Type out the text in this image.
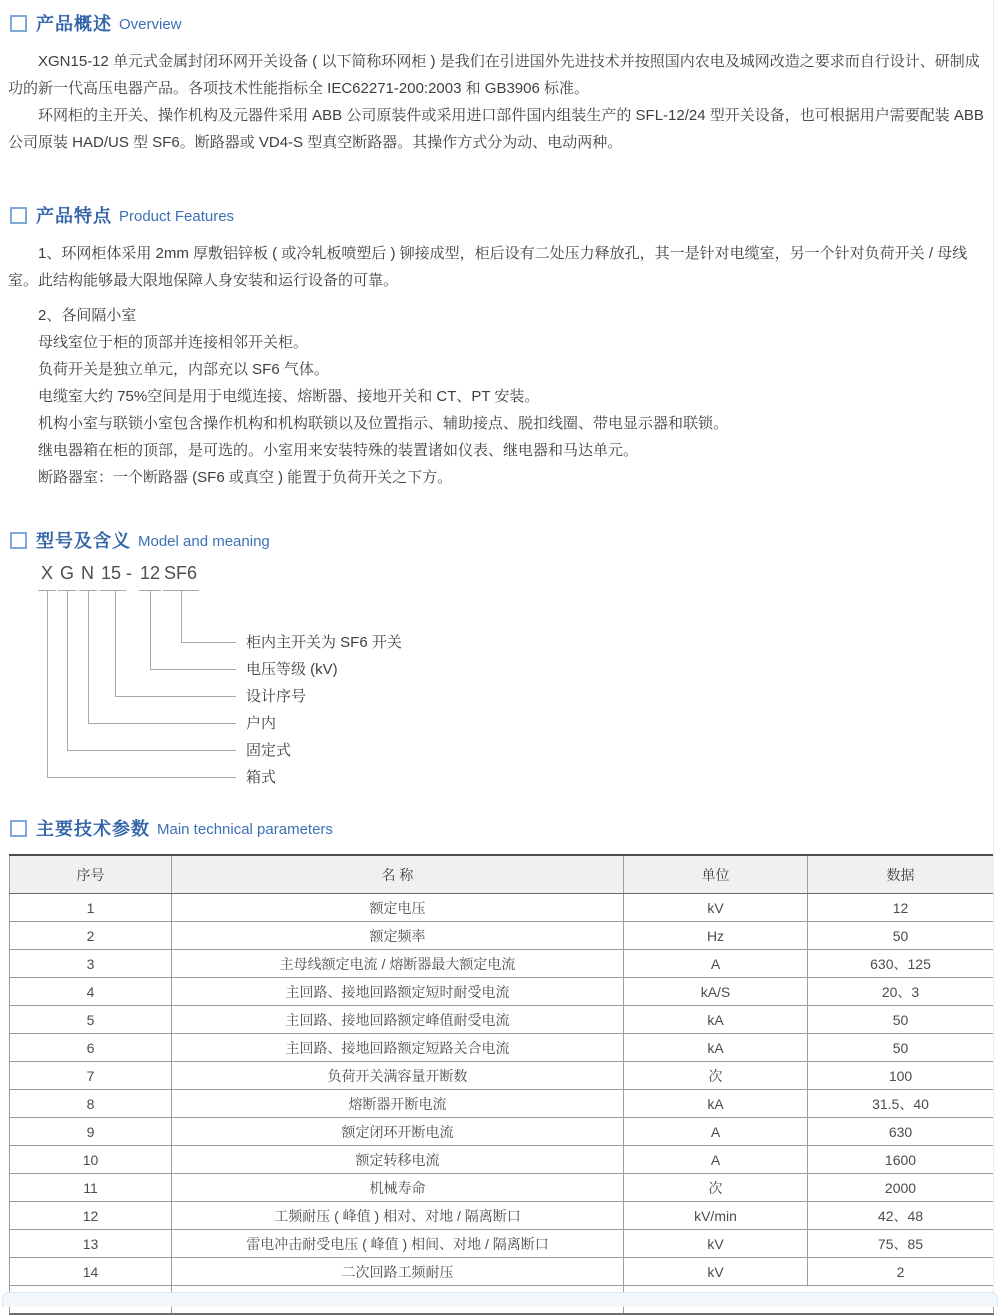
产品概述 Overview

XGN15-12 单元式金属封闭环网开关设备 ( 以下简称环网柜 ) 是我们在引进国外先进技术并按照国内农电及城网改造之要求而自行设计、研制成功的新一代高压电器产品。各项技术性能指标全 IEC62271-200:2003 和 GB3906 标准。

环网柜的主开关、操作机构及元器件采用 ABB 公司原装件或采用进口部件国内组装生产的 SFL-12/24 型开关设备，也可根据用户需要配装 ABB 公司原装 HAD/US 型 SF6。断路器或 VD4-S 型真空断路器。其操作方式分为动、电动两种。

产品特点 Product Features

1、环网柜体采用 2mm 厚敷铝锌板 ( 或冷轧板喷塑后 ) 铆接成型，柜后设有二处压力释放孔，其一是针对电缆室，另一个针对负荷开关 / 母线室。此结构能够最大限地保障人身安装和运行设备的可靠。

2、各间隔小室

母线室位于柜的顶部并连接相邻开关柜。

负荷开关是独立单元，内部充以 SF6 气体。

电缆室大约 75%空间是用于电缆连接、熔断器、接地开关和 CT、PT 安装。

机构小室与联锁小室包含操作机构和机构联锁以及位置指示、辅助接点、脱扣线圈、带电显示器和联锁。

继电器箱在柜的顶部，是可选的。小室用来安装特殊的装置诸如仪表、继电器和马达单元。

断路器室：一个断路器 (SF6 或真空 ) 能置于负荷开关之下方。

型号及含义 Model and meaning
X G N 15 - 12 SF6
柜内主开关为 SF6 开关
电压等级 (kV)
设计序号
户内
固定式
箱式
主要技术参数 Main technical parameters
序号	名 称	单位	数据
1	额定电压	kV	12
2	额定频率	Hz	50
3	主母线额定电流 / 熔断器最大额定电流	A	630、125
4	主回路、接地回路额定短时耐受电流	kA/S	20、3
5	主回路、接地回路额定峰值耐受电流	kA	50
6	主回路、接地回路额定短路关合电流	kA	50
7	负荷开关满容量开断数	次	100
8	熔断器开断电流	kA	31.5、40
9	额定闭环开断电流	A	630
10	额定转移电流	A	1600
11	机械寿命	次	2000
12	工频耐压 ( 峰值 ) 相对、对地 / 隔离断口	kV/min	42、48
13	雷电冲击耐受电压 ( 峰值 ) 相间、对地 / 隔离断口	kV	75、85
14	二次回路工频耐压	kV	2
